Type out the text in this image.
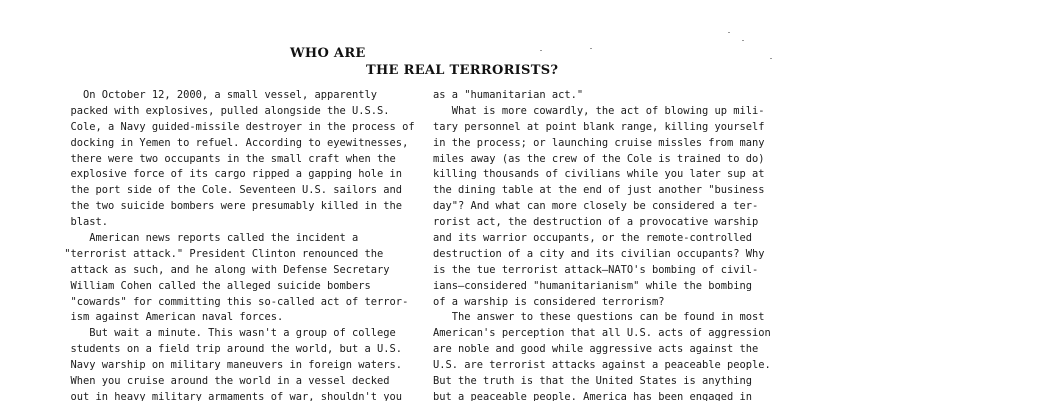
WHO ARE
THE REAL TERRORISTS?
On October 12, 2000, a small vessel, apparently
packed with explosives, pulled alongside the U.S.S.
Cole, a Navy guided-missile destroyer in the process of
docking in Yemen to refuel. According to eyewitnesses,
there were two occupants in the small craft when the
explosive force of its cargo ripped a gapping hole in
the port side of the Cole. Seventeen U.S. sailors and
the two suicide bombers were presumably killed in the
blast.
American news reports called the incident a
"terrorist attack." President Clinton renounced the
attack as such, and he along with Defense Secretary
William Cohen called the alleged suicide bombers
"cowards" for committing this so-called act of terror-
ism against American naval forces.
But wait a minute. This wasn't a group of college
students on a field trip around the world, but a U.S.
Navy warship on military maneuvers in foreign waters.
When you cruise around the world in a vessel decked
out in heavy military armaments of war, shouldn't you
as a "humanitarian act."
What is more cowardly, the act of blowing up mili-
tary personnel at point blank range, killing yourself
in the process; or launching cruise missles from many
miles away (as the crew of the Cole is trained to do)
killing thousands of civilians while you later sup at
the dining table at the end of just another "business
day"? And what can more closely be considered a ter-
rorist act, the destruction of a provocative warship
and its warrior occupants, or the remote-controlled
destruction of a city and its civilian occupants? Why
is the tue terrorist attack—NATO's bombing of civil-
ians—considered "humanitarianism" while the bombing
of a warship is considered terrorism?
The answer to these questions can be found in most
American's perception that all U.S. acts of aggression
are noble and good while aggressive acts against the
U.S. are terrorist attacks against a peaceable people.
But the truth is that the United States is anything
but a peaceable people. America has been engaged in
